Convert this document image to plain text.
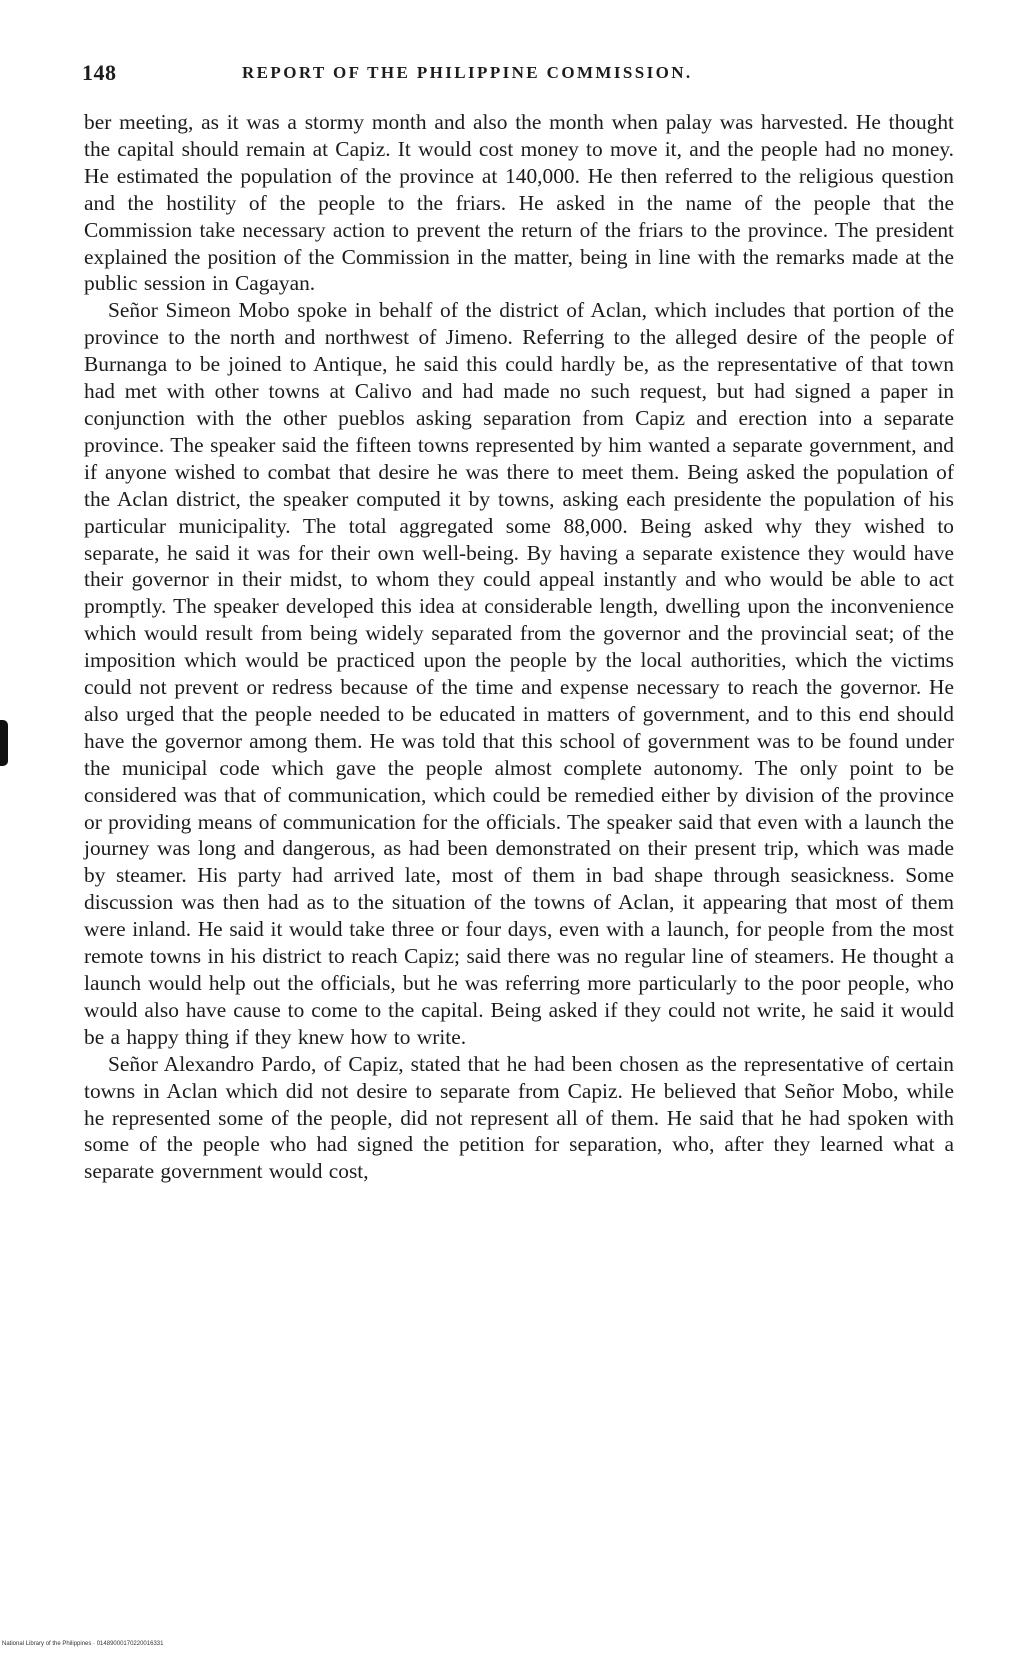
148	REPORT OF THE PHILIPPINE COMMISSION.

ber meeting, as it was a stormy month and also the month when palay was harvested. He thought the capital should remain at Capiz. It would cost money to move it, and the people had no money. He estimated the population of the province at 140,000. He then referred to the religious question and the hostility of the people to the friars. He asked in the name of the people that the Commission take necessary action to prevent the return of the friars to the province. The president explained the position of the Commission in the matter, being in line with the remarks made at the public session in Cagayan.

Señor Simeon Mobo spoke in behalf of the district of Aclan, which includes that portion of the province to the north and northwest of Jimeno. Referring to the alleged desire of the people of Burnanga to be joined to Antique, he said this could hardly be, as the representative of that town had met with other towns at Calivo and had made no such request, but had signed a paper in conjunction with the other pueblos asking separation from Capiz and erection into a separate province. The speaker said the fifteen towns represented by him wanted a separate government, and if anyone wished to combat that desire he was there to meet them. Being asked the population of the Aclan district, the speaker computed it by towns, asking each presidente the population of his particular municipality. The total aggregated some 88,000. Being asked why they wished to separate, he said it was for their own well-being. By having a separate existence they would have their governor in their midst, to whom they could appeal instantly and who would be able to act promptly. The speaker developed this idea at considerable length, dwelling upon the inconvenience which would result from being widely separated from the governor and the provincial seat; of the imposition which would be practiced upon the people by the local authorities, which the victims could not prevent or redress because of the time and expense necessary to reach the governor. He also urged that the people needed to be educated in matters of government, and to this end should have the governor among them. He was told that this school of government was to be found under the municipal code which gave the people almost complete autonomy. The only point to be considered was that of communication, which could be remedied either by division of the province or providing means of communication for the officials. The speaker said that even with a launch the journey was long and dangerous, as had been demonstrated on their present trip, which was made by steamer. His party had arrived late, most of them in bad shape through seasickness. Some discussion was then had as to the situation of the towns of Aclan, it appearing that most of them were inland. He said it would take three or four days, even with a launch, for people from the most remote towns in his district to reach Capiz; said there was no regular line of steamers. He thought a launch would help out the officials, but he was referring more particularly to the poor people, who would also have cause to come to the capital. Being asked if they could not write, he said it would be a happy thing if they knew how to write.

Señor Alexandro Pardo, of Capiz, stated that he had been chosen as the representative of certain towns in Aclan which did not desire to separate from Capiz. He believed that Señor Mobo, while he represented some of the people, did not represent all of them. He said that he had spoken with some of the people who had signed the petition for separation, who, after they learned what a separate government would cost,

National Library of the Philippines · 01489000170220016331
